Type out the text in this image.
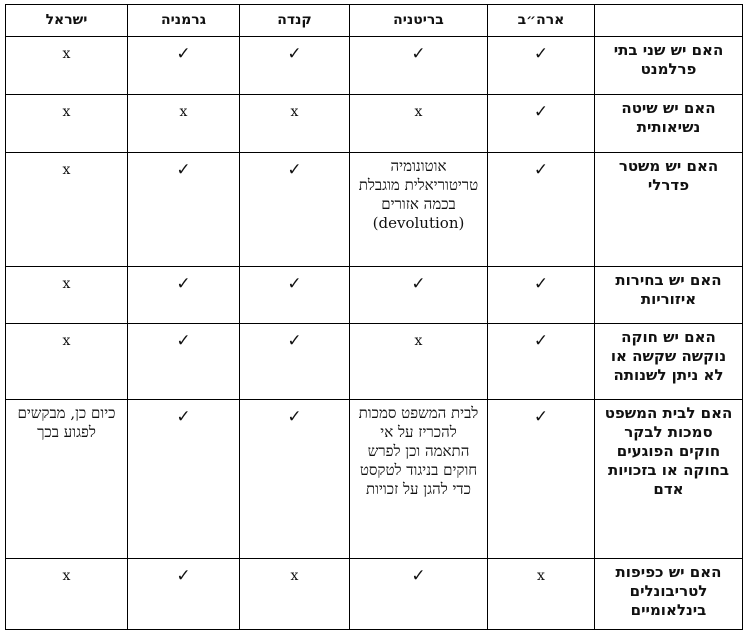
	ארה״ב	בריטניה	קנדה	גרמניה	ישראל
האם יש שני בתי פרלמנט	✓	✓	✓	✓	x
האם יש שיטה נשיאותית	✓	x	x	x	x
האם יש משטר פדרלי	✓	אוטונומיה טריטוריאלית מוגבלת בכמה אזורים (devolution)	✓	✓	x
האם יש בחירות איזוריות	✓	✓	✓	✓	x
האם יש חוקה נוקשה שקשה או לא ניתן לשנותה	✓	x	✓	✓	x
האם לבית המשפט סמכות לבקר חוקים הפוגעים בחוקה או בזכויות אדם	✓	לבית המשפט סמכות להכריז על אי התאמה וכן לפרש חוקים בניגוד לטקסט כדי להגן על זכויות	✓	✓	כיום כן, מבקשים לפגוע בכך
האם יש כפיפות לטריבונלים בינלאומיים	x	✓	x	✓	x
